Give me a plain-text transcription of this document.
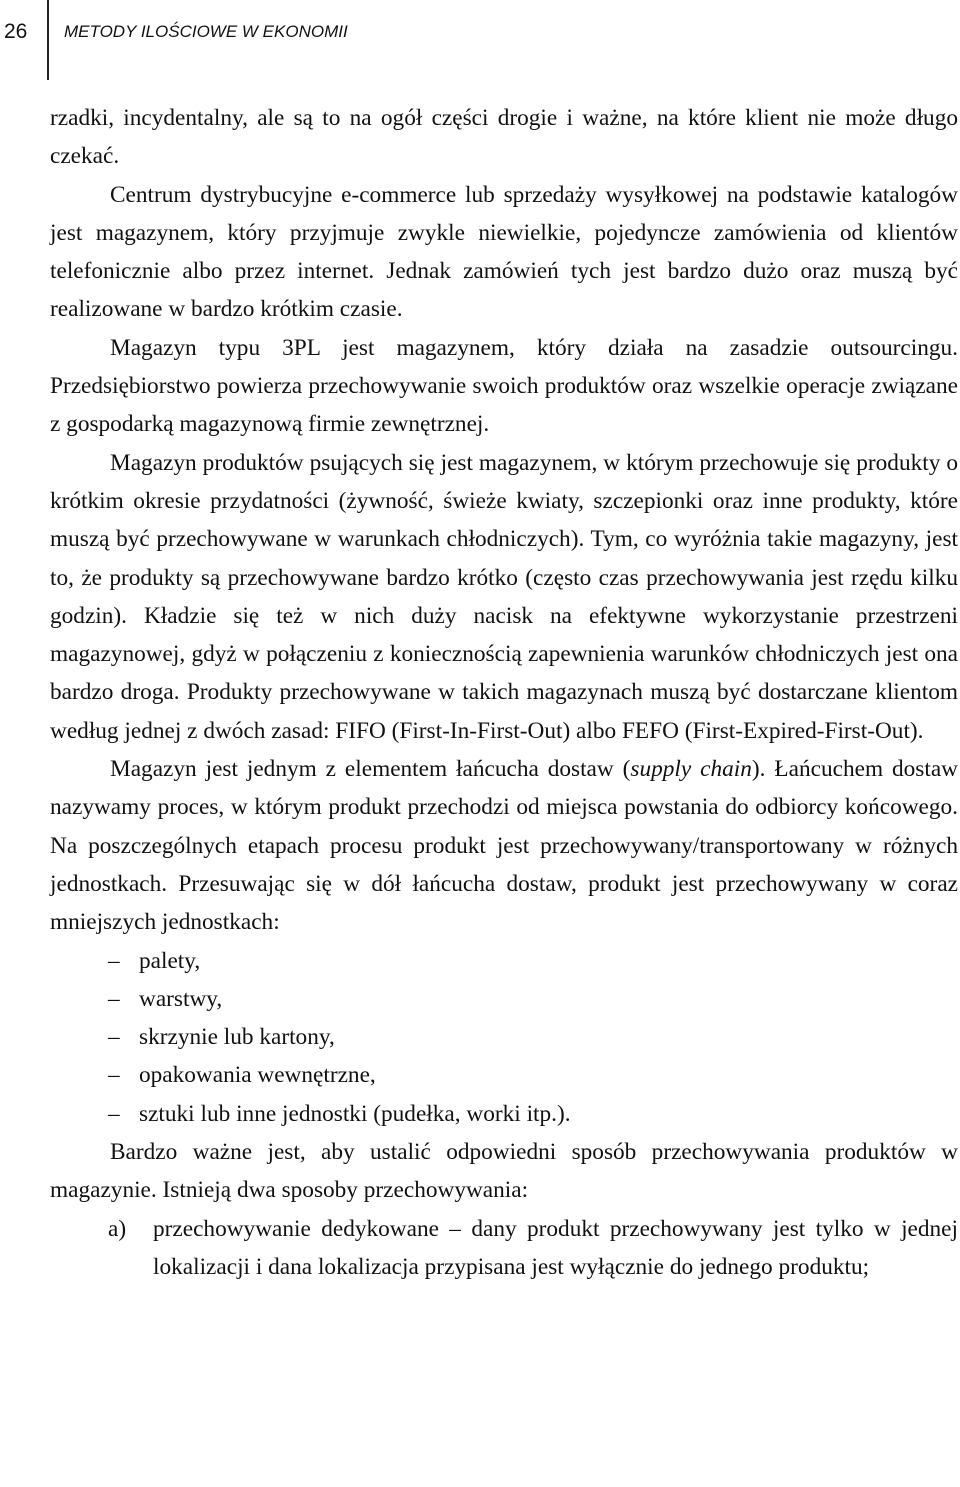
26	METODY ILOŚCIOWE W EKONOMII

rzadki, incydentalny, ale są to na ogół części drogie i ważne, na które klient nie może długo czekać.

Centrum dystrybucyjne e-commerce lub sprzedaży wysyłkowej na podstawie katalogów jest magazynem, który przyjmuje zwykle niewielkie, pojedyncze zamówienia od klientów telefonicznie albo przez internet. Jednak zamówień tych jest bardzo dużo oraz muszą być realizowane w bardzo krótkim czasie.

Magazyn typu 3PL jest magazynem, który działa na zasadzie outsourcingu. Przedsiębiorstwo powierza przechowywanie swoich produktów oraz wszelkie operacje związane z gospodarką magazynową firmie zewnętrznej.

Magazyn produktów psujących się jest magazynem, w którym przechowuje się produkty o krótkim okresie przydatności (żywność, świeże kwiaty, szczepionki oraz inne produkty, które muszą być przechowywane w warunkach chłodniczych). Tym, co wyróżnia takie magazyny, jest to, że produkty są przechowywane bardzo krótko (często czas przechowywania jest rzędu kilku godzin). Kładzie się też w nich duży nacisk na efektywne wykorzystanie przestrzeni magazynowej, gdyż w połączeniu z koniecznością zapewnienia warunków chłodniczych jest ona bardzo droga. Produkty przechowywane w takich magazynach muszą być dostarczane klientom według jednej z dwóch zasad: FIFO (First-In-First-Out) albo FEFO (First-Expired-First-Out).

Magazyn jest jednym z elementem łańcucha dostaw (supply chain). Łańcuchem dostaw nazywamy proces, w którym produkt przechodzi od miejsca powstania do odbiorcy końcowego. Na poszczególnych etapach procesu produkt jest przechowywany/transportowany w różnych jednostkach. Przesuwając się w dół łańcucha dostaw, produkt jest przechowywany w coraz mniejszych jednostkach:

– palety,
– warstwy,
– skrzynie lub kartony,
– opakowania wewnętrzne,
– sztuki lub inne jednostki (pudełka, worki itp.).

Bardzo ważne jest, aby ustalić odpowiedni sposób przechowywania produktów w magazynie. Istnieją dwa sposoby przechowywania:

a) przechowywanie dedykowane – dany produkt przechowywany jest tylko w jednej lokalizacji i dana lokalizacja przypisana jest wyłącznie do jednego produktu;
